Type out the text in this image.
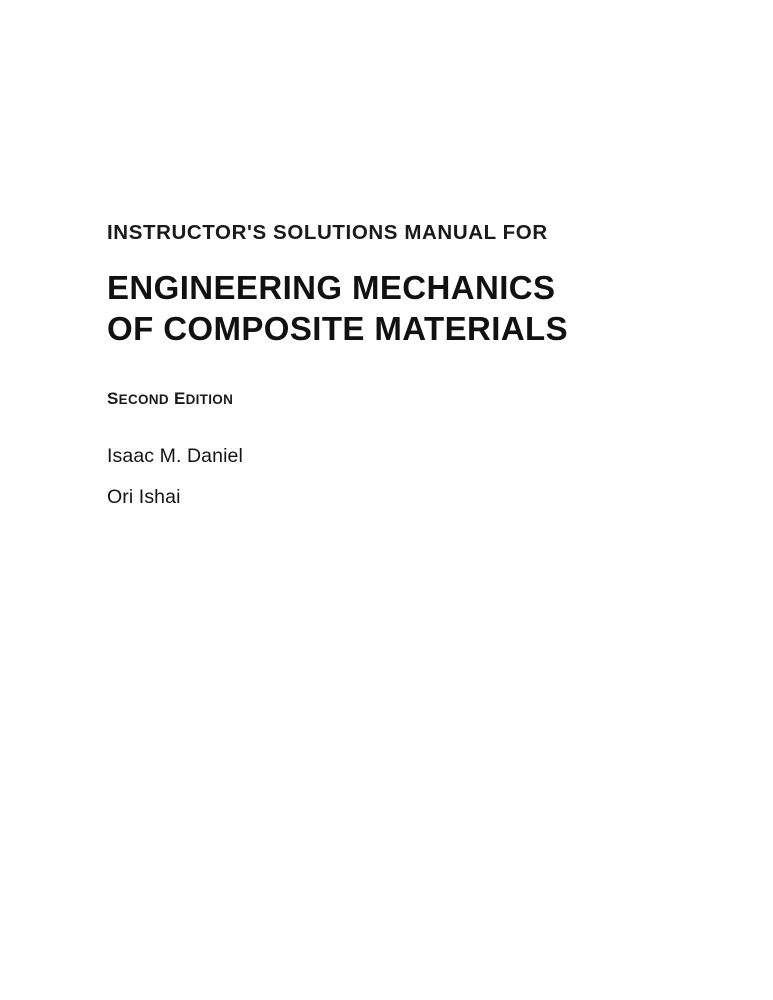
INSTRUCTOR'S SOLUTIONS MANUAL FOR
ENGINEERING MECHANICS
OF COMPOSITE MATERIALS
SECOND EDITION
Isaac M. Daniel
Ori Ishai
